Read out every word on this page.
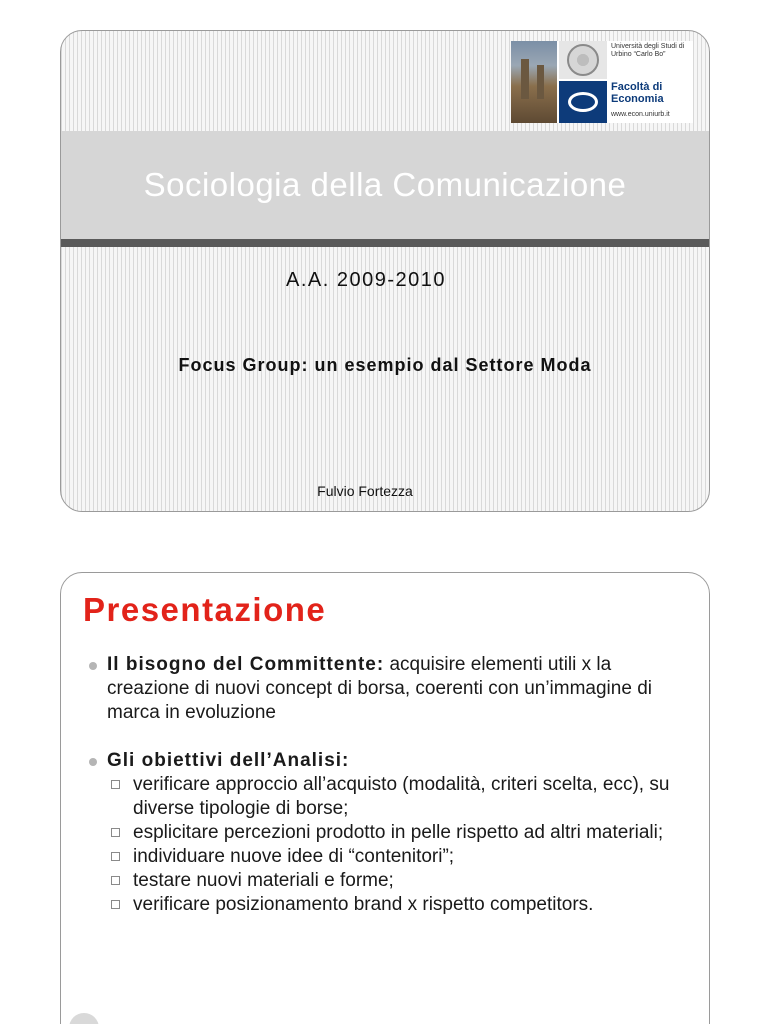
Università degli Studi di Urbino “Carlo Bo”
Facoltà di Economia
www.econ.uniurb.it
Sociologia della Comunicazione
A.A. 2009-2010
Focus Group: un esempio dal Settore Moda
Fulvio Fortezza
Presentazione
Il bisogno del Committente: acquisire elementi utili x la creazione di nuovi concept di borsa, coerenti con un’immagine di marca in evoluzione
Gli obiettivi dell’Analisi:
verificare approccio all’acquisto (modalità, criteri scelta, ecc), su diverse tipologie di borse;
esplicitare percezioni prodotto in pelle rispetto ad altri materiali;
individuare nuove idee di “contenitori”;
testare nuovi materiali e forme;
verificare posizionamento brand x rispetto competitors.
